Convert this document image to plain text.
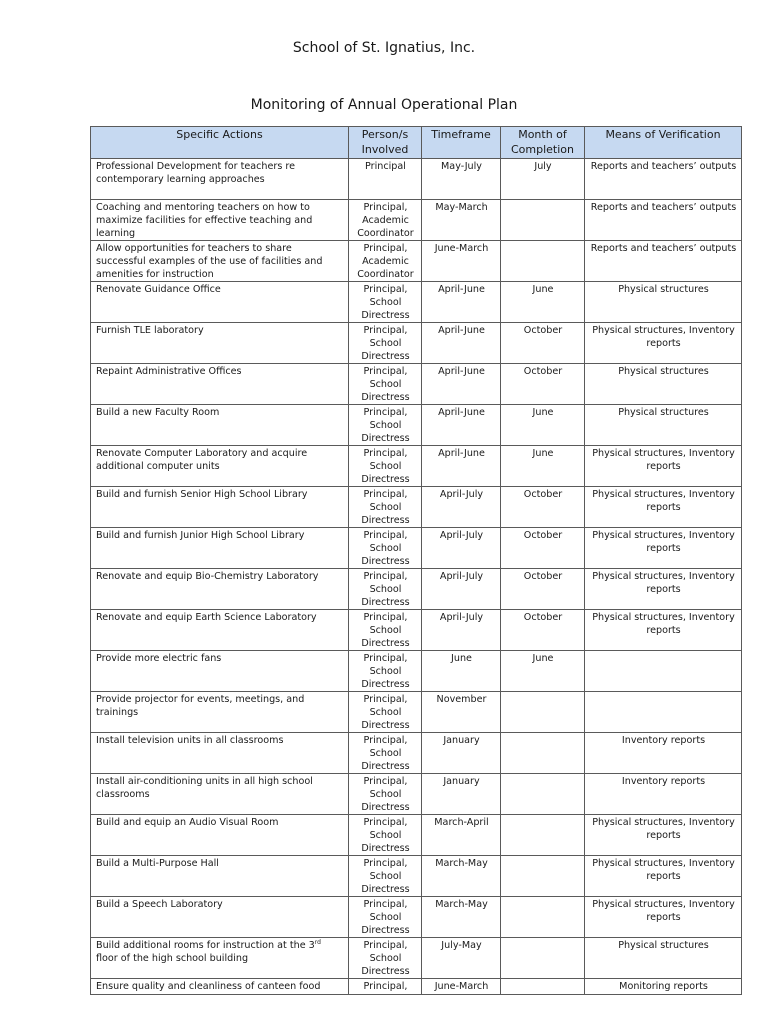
School of St. Ignatius, Inc.
Monitoring of Annual Operational Plan
Specific Actions	Person/s Involved	Timeframe	Month of Completion	Means of Verification
Professional Development for teachers re contemporary learning approaches	Principal	May-July	July	Reports and teachers’ outputs
Coaching and mentoring teachers on how to maximize facilities for effective teaching and learning	Principal, Academic Coordinator	May-March		Reports and teachers’ outputs
Allow opportunities for teachers to share successful examples of the use of facilities and amenities for instruction	Principal, Academic Coordinator	June-March		Reports and teachers’ outputs
Renovate Guidance Office	Principal, School Directress	April-June	June	Physical structures
Furnish TLE laboratory	Principal, School Directress	April-June	October	Physical structures, Inventory reports
Repaint Administrative Offices	Principal, School Directress	April-June	October	Physical structures
Build a new Faculty Room	Principal, School Directress	April-June	June	Physical structures
Renovate Computer Laboratory and acquire additional computer units	Principal, School Directress	April-June	June	Physical structures, Inventory reports
Build and furnish Senior High School Library	Principal, School Directress	April-July	October	Physical structures, Inventory reports
Build and furnish Junior High School Library	Principal, School Directress	April-July	October	Physical structures, Inventory reports
Renovate and equip Bio-Chemistry Laboratory	Principal, School Directress	April-July	October	Physical structures, Inventory reports
Renovate and equip Earth Science Laboratory	Principal, School Directress	April-July	October	Physical structures, Inventory reports
Provide more electric fans	Principal, School Directress	June	June	
Provide projector for events, meetings, and trainings	Principal, School Directress	November		
Install television units in all classrooms	Principal, School Directress	January		Inventory reports
Install air-conditioning units in all high school classrooms	Principal, School Directress	January		Inventory reports
Build and equip an Audio Visual Room	Principal, School Directress	March-April		Physical structures, Inventory reports
Build a Multi-Purpose Hall	Principal, School Directress	March-May		Physical structures, Inventory reports
Build a Speech Laboratory	Principal, School Directress	March-May		Physical structures, Inventory reports
Build additional rooms for instruction at the 3rd floor of the high school building	Principal, School Directress	July-May		Physical structures
Ensure quality and cleanliness of canteen food	Principal,	June-March		Monitoring reports
